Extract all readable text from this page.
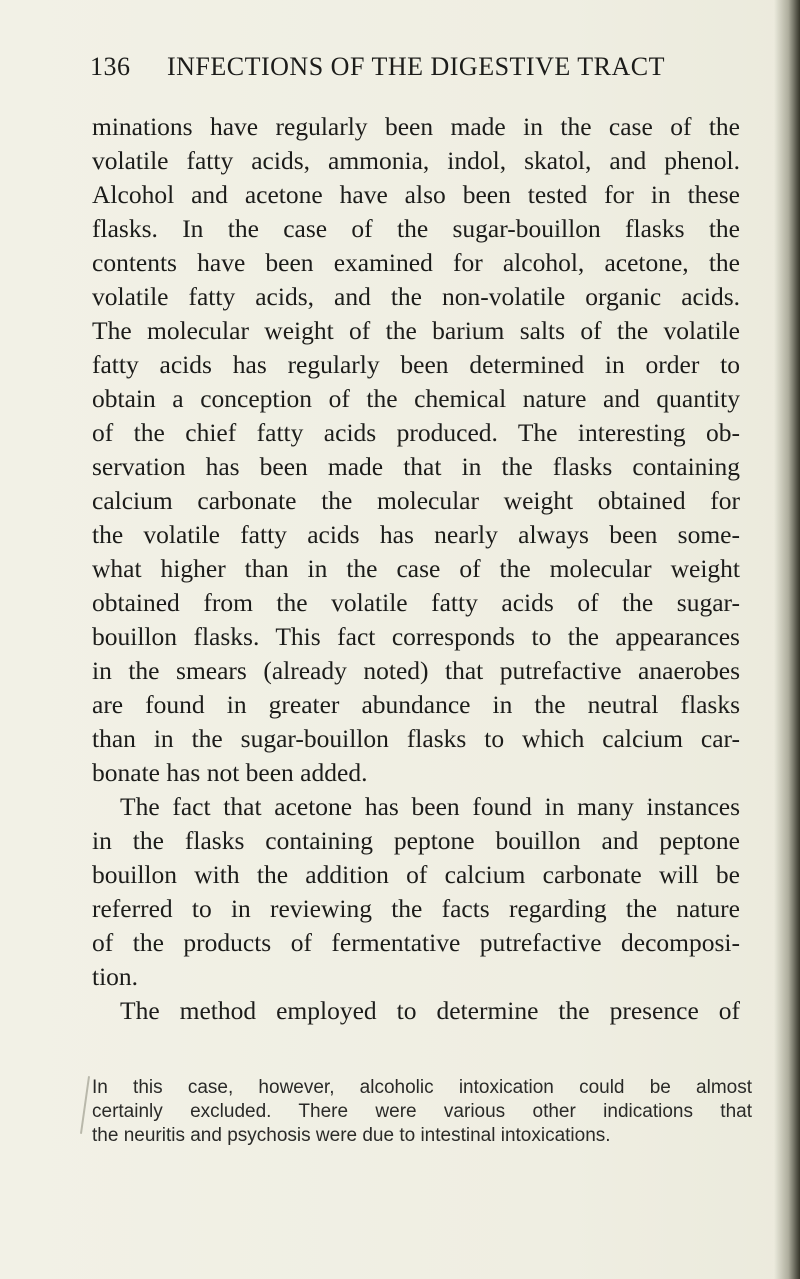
136 INFECTIONS OF THE DIGESTIVE TRACT
minations have regularly been made in the case of the
volatile fatty acids, ammonia, indol, skatol, and phenol.
Alcohol and acetone have also been tested for in these
flasks. In the case of the sugar-bouillon flasks the
contents have been examined for alcohol, acetone, the
volatile fatty acids, and the non-volatile organic acids.
The molecular weight of the barium salts of the volatile
fatty acids has regularly been determined in order to
obtain a conception of the chemical nature and quantity
of the chief fatty acids produced. The interesting ob-
servation has been made that in the flasks containing
calcium carbonate the molecular weight obtained for
the volatile fatty acids has nearly always been some-
what higher than in the case of the molecular weight
obtained from the volatile fatty acids of the sugar-
bouillon flasks. This fact corresponds to the appearances
in the smears (already noted) that putrefactive anaerobes
are found in greater abundance in the neutral flasks
than in the sugar-bouillon flasks to which calcium car-
bonate has not been added.
The fact that acetone has been found in many instances
in the flasks containing peptone bouillon and peptone
bouillon with the addition of calcium carbonate will be
referred to in reviewing the facts regarding the nature
of the products of fermentative putrefactive decomposi-
tion.
The method employed to determine the presence of
In this case, however, alcoholic intoxication could be almost
certainly excluded. There were various other indications that
the neuritis and psychosis were due to intestinal intoxications.
